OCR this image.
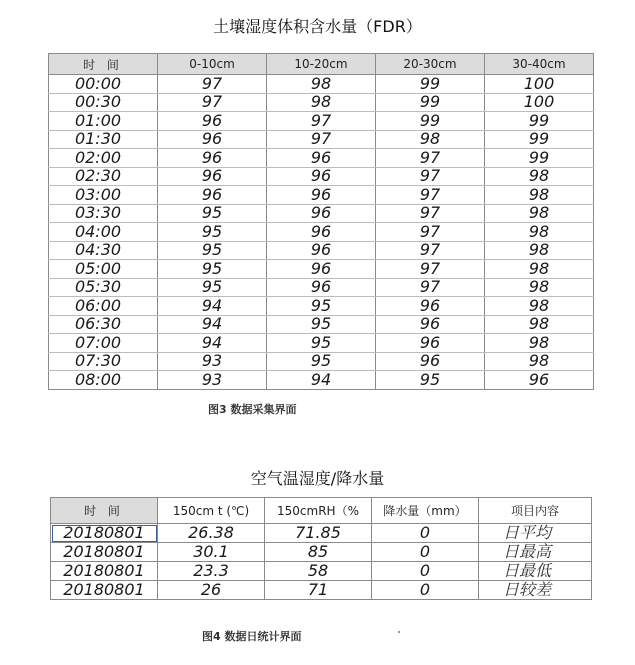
土壤湿度体积含水量（FDR）
时 间	0-10cm	10-20cm	20-30cm	30-40cm
00:00	97	98	99	100
00:30	97	98	99	100
01:00	96	97	99	99
01:30	96	97	98	99
02:00	96	96	97	99
02:30	96	96	97	98
03:00	96	96	97	98
03:30	95	96	97	98
04:00	95	96	97	98
04:30	95	96	97	98
05:00	95	96	97	98
05:30	95	96	97	98
06:00	94	95	96	98
06:30	94	95	96	98
07:00	94	95	96	98
07:30	93	95	96	98
08:00	93	94	95	96
图3 数据采集界面
空气温湿度/降水量
时 间	150cm t (℃)	150cmRH（%	降水量（mm）	项目内容
20180801	26.38	71.85	0	日平均
20180801	30.1	85	0	日最高
20180801	23.3	58	0	日最低
20180801	26	71	0	日较差
图4 数据日统计界面
